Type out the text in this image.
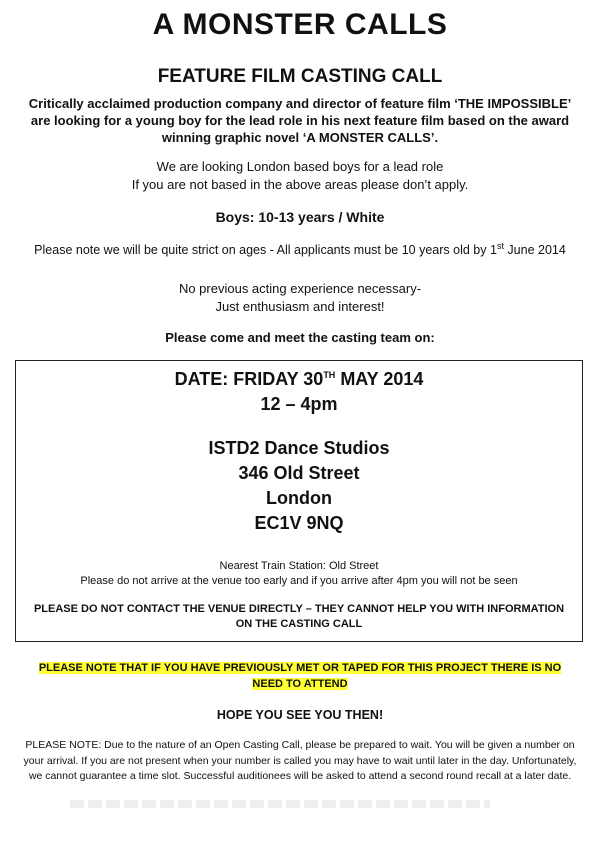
A MONSTER CALLS
FEATURE FILM CASTING CALL
Critically acclaimed production company and director of feature film ‘THE IMPOSSIBLE’ are looking for a young boy for the lead role in his next feature film based on the award winning graphic novel ‘A MONSTER CALLS’.
We are looking London based boys for a lead role
If you are not based in the above areas please don’t apply.
Boys: 10-13 years / White
Please note we will be quite strict on ages - All applicants must be 10 years old by 1st June 2014
No previous acting experience necessary-
Just enthusiasm and interest!
Please come and meet the casting team on:
DATE: FRIDAY 30TH MAY 2014
12 – 4pm
ISTD2 Dance Studios
346 Old Street
London
EC1V 9NQ
Nearest Train Station: Old Street
Please do not arrive at the venue too early and if you arrive after 4pm you will not be seen
PLEASE DO NOT CONTACT THE VENUE DIRECTLY – THEY CANNOT HELP YOU WITH INFORMATION ON THE CASTING CALL
PLEASE NOTE THAT IF YOU HAVE PREVIOUSLY MET OR TAPED FOR THIS PROJECT THERE IS NO NEED TO ATTEND
HOPE YOU SEE YOU THEN!
PLEASE NOTE: Due to the nature of an Open Casting Call, please be prepared to wait. You will be given a number on your arrival. If you are not present when your number is called you may have to wait until later in the day. Unfortunately, we cannot guarantee a time slot. Successful auditionees will be asked to attend a second round recall at a later date.
